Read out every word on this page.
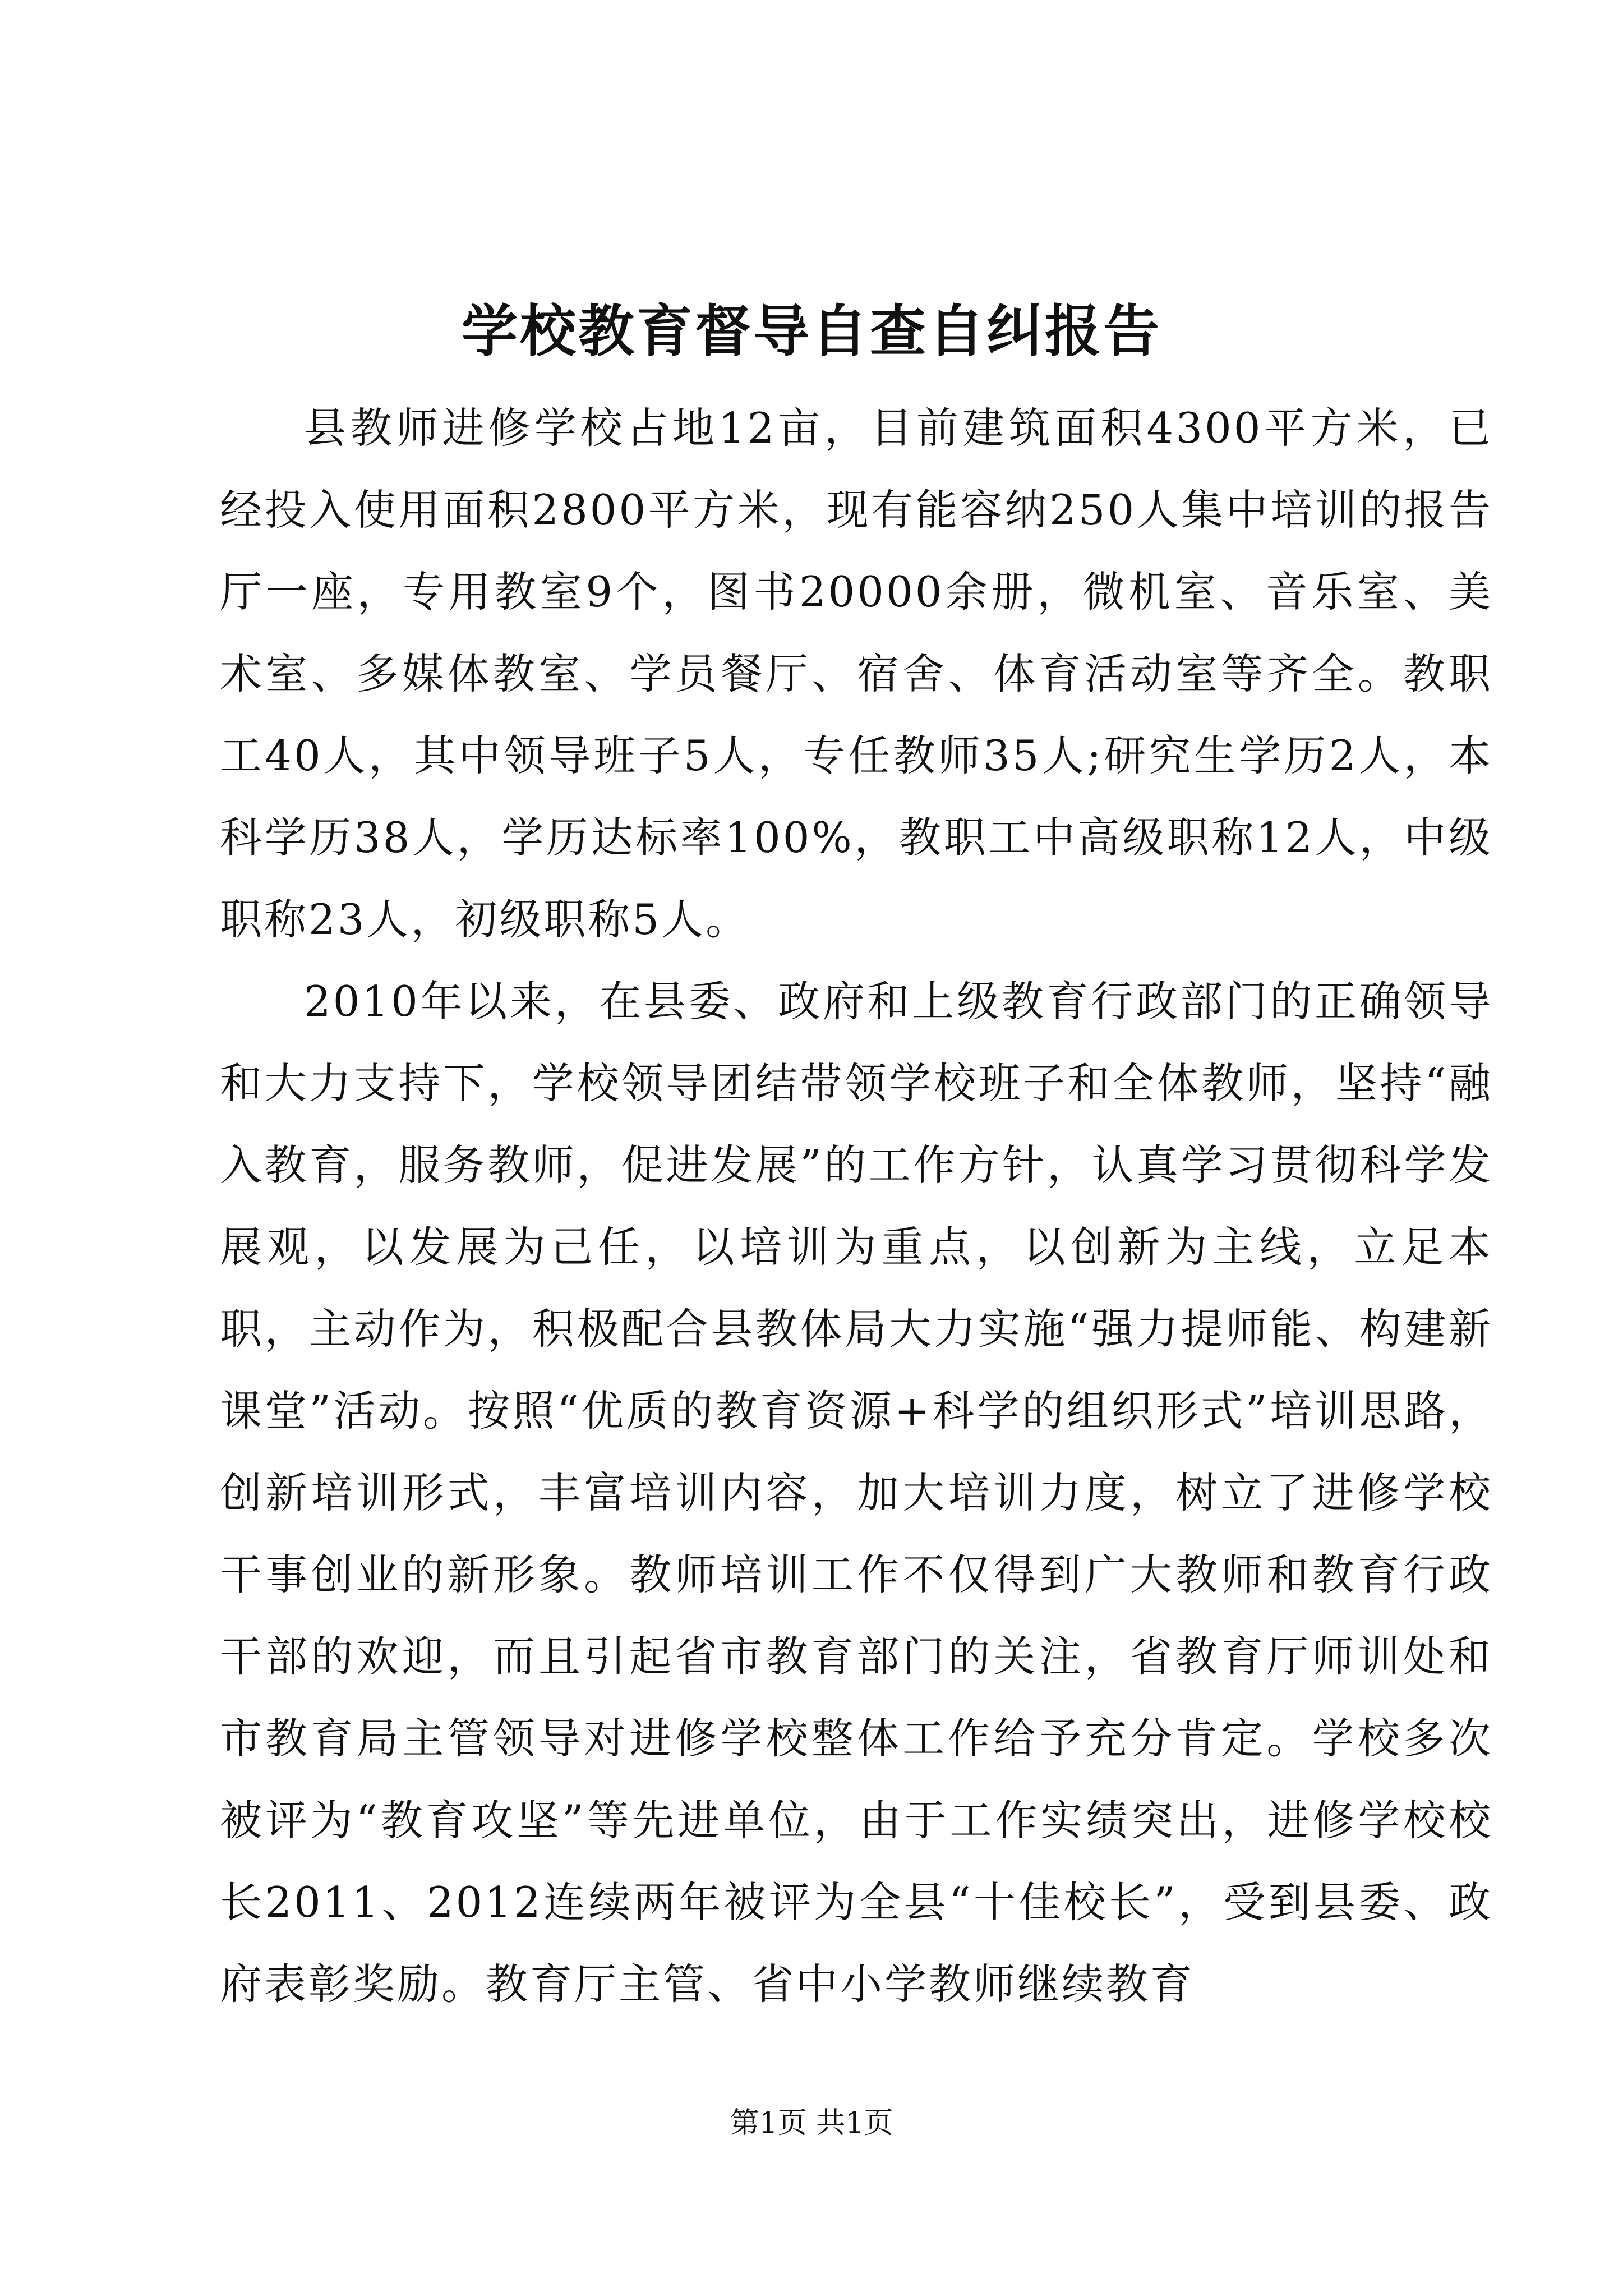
学校教育督导自查自纠报告

县教师进修学校占地12亩，目前建筑面积4300平方米，已经投入使用面积2800平方米，现有能容纳250人集中培训的报告厅一座，专用教室9个，图书20000余册，微机室、音乐室、美术室、多媒体教室、学员餐厅、宿舍、体育活动室等齐全。教职工40人，其中领导班子5人，专任教师35人;研究生学历2人，本科学历38人，学历达标率100%，教职工中高级职称12人，中级职称23人，初级职称5人。

2010年以来，在县委、政府和上级教育行政部门的正确领导和大力支持下，学校领导团结带领学校班子和全体教师，坚持“融入教育，服务教师，促进发展”的工作方针，认真学习贯彻科学发展观，以发展为己任，以培训为重点，以创新为主线，立足本职，主动作为，积极配合县教体局大力实施“强力提师能、构建新课堂”活动。按照“优质的教育资源+科学的组织形式”培训思路，创新培训形式，丰富培训内容，加大培训力度，树立了进修学校干事创业的新形象。教师培训工作不仅得到广大教师和教育行政干部的欢迎，而且引起省市教育部门的关注，省教育厅师训处和市教育局主管领导对进修学校整体工作给予充分肯定。学校多次被评为“教育攻坚”等先进单位，由于工作实绩突出，进修学校校长2011、2012连续两年被评为全县“十佳校长”，受到县委、政府表彰奖励。教育厅主管、省中小学教师继续教育

第1页 共1页
